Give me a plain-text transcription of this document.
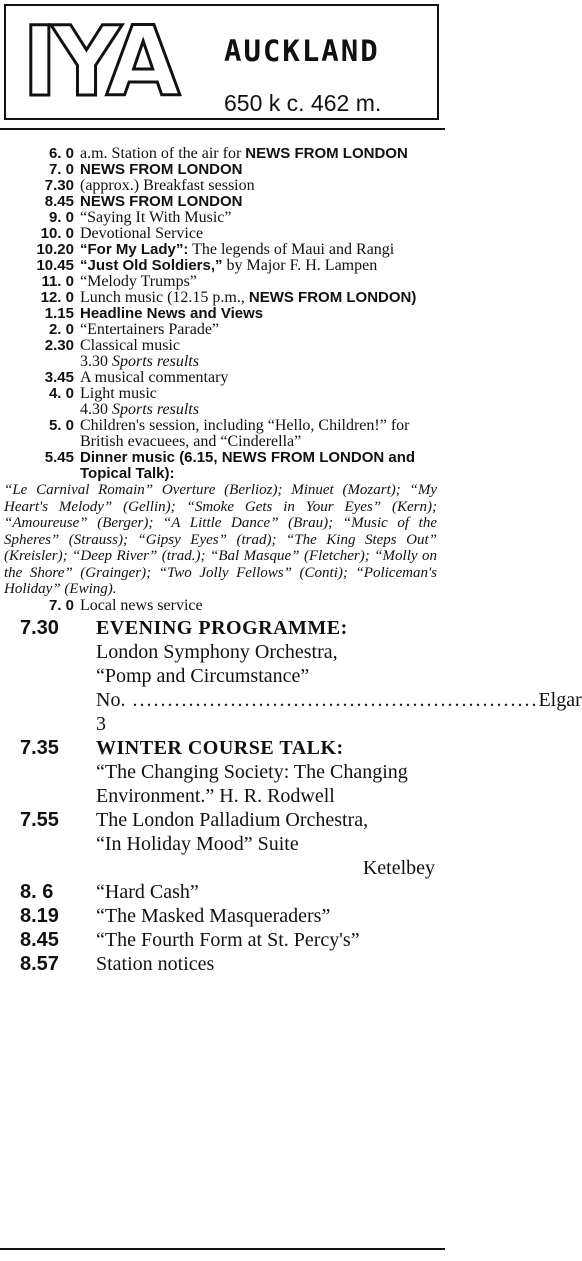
IYA AUCKLAND
650 k c. 462 m.
6. 0 a.m. Station of the air for NEWS FROM LONDON
7. 0 NEWS FROM LONDON
7.30 (approx.) Breakfast session
8.45 NEWS FROM LONDON
9. 0 “Saying It With Music”
10. 0 Devotional Service
10.20 “For My Lady”: The legends of Maui and Rangi
10.45 “Just Old Soldiers,” by Major F. H. Lampen
11. 0 “Melody Trumps”
12. 0 Lunch music (12.15 p.m., NEWS FROM LONDON)
1.15 Headline News and Views
2. 0 “Entertainers Parade”
2.30 Classical music
3.30 Sports results
3.45 A musical commentary
4. 0 Light music
4.30 Sports results
5. 0 Children's session, including “Hello, Children!” for British evacuees, and “Cinderella”
5.45 Dinner music (6.15, NEWS FROM LONDON and Topical Talk):
“Le Carnival Romain” Overture (Berlioz); Minuet (Mozart); “My Heart's Melody” (Gellin); “Smoke Gets in Your Eyes” (Kern); “Amoureuse” (Berger); “A Little Dance” (Brau); “Music of the Spheres” (Strauss); “Gipsy Eyes” (trad); “The King Steps Out” (Kreisler); “Deep River” (trad.); “Bal Masque” (Fletcher); “Molly on the Shore” (Grainger); “Two Jolly Fellows” (Conti); “Policeman's Holiday” (Ewing).
7. 0 Local news service
7.30	EVENING PROGRAMME:
London Symphony Orchestra,
“Pomp and Circumstance”
No. 3
.......................................................... Elgar
7.35	WINTER COURSE TALK:
“The Changing Society: The Changing Environment.” H. R. Rodwell
7.55	The London Palladium Orchestra,
“In Holiday Mood” Suite
Ketelbey
8. 6	“Hard Cash”
8.19	“The Masked Masqueraders”
8.45	“The Fourth Form at St. Percy's”
8.57	Station notices
